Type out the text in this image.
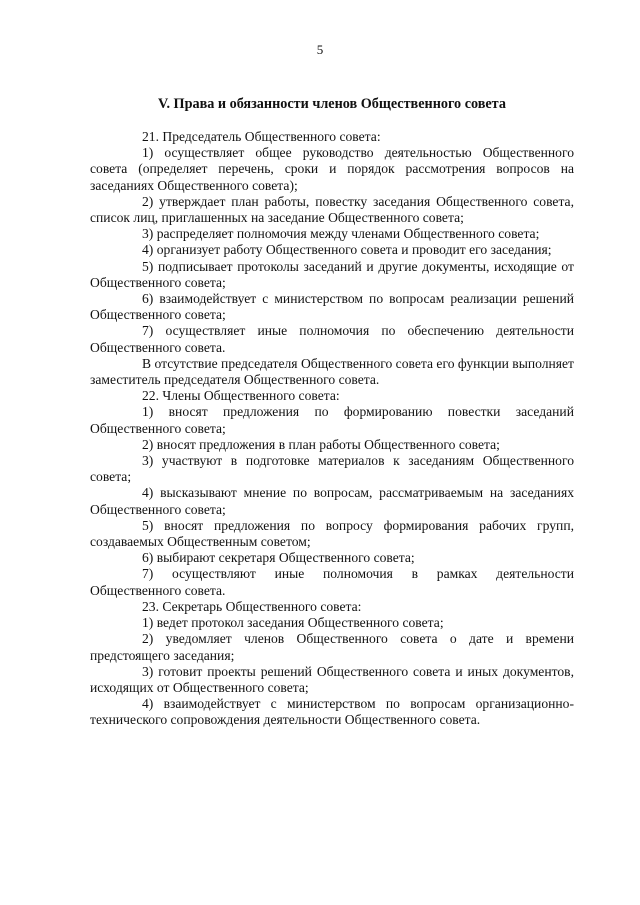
5
V. Права и обязанности членов Общественного совета

21. Председатель Общественного совета:

1) осуществляет общее руководство деятельностью Общественного совета (определяет перечень, сроки и порядок рассмотрения вопросов на заседаниях Общественного совета);

2) утверждает план работы, повестку заседания Общественного совета, список лиц, приглашенных на заседание Общественного совета;

3) распределяет полномочия между членами Общественного совета;

4) организует работу Общественного совета и проводит его заседания;

5) подписывает протоколы заседаний и другие документы, исходящие от Общественного совета;

6) взаимодействует с министерством по вопросам реализации решений Общественного совета;

7) осуществляет иные полномочия по обеспечению деятельности Общественного совета.

В отсутствие председателя Общественного совета его функции выполняет заместитель председателя Общественного совета.

22. Члены Общественного совета:

1) вносят предложения по формированию повестки заседаний Общественного совета;

2) вносят предложения в план работы Общественного совета;

3) участвуют в подготовке материалов к заседаниям Общественного совета;

4) высказывают мнение по вопросам, рассматриваемым на заседаниях Общественного совета;

5) вносят предложения по вопросу формирования рабочих групп, создаваемых Общественным советом;

6) выбирают секретаря Общественного совета;

7) осуществляют иные полномочия в рамках деятельности Общественного совета.

23. Секретарь Общественного совета:

1) ведет протокол заседания Общественного совета;

2) уведомляет членов Общественного совета о дате и времени предстоящего заседания;

3) готовит проекты решений Общественного совета и иных документов, исходящих от Общественного совета;

4) взаимодействует с министерством по вопросам организационно-технического сопровождения деятельности Общественного совета.
